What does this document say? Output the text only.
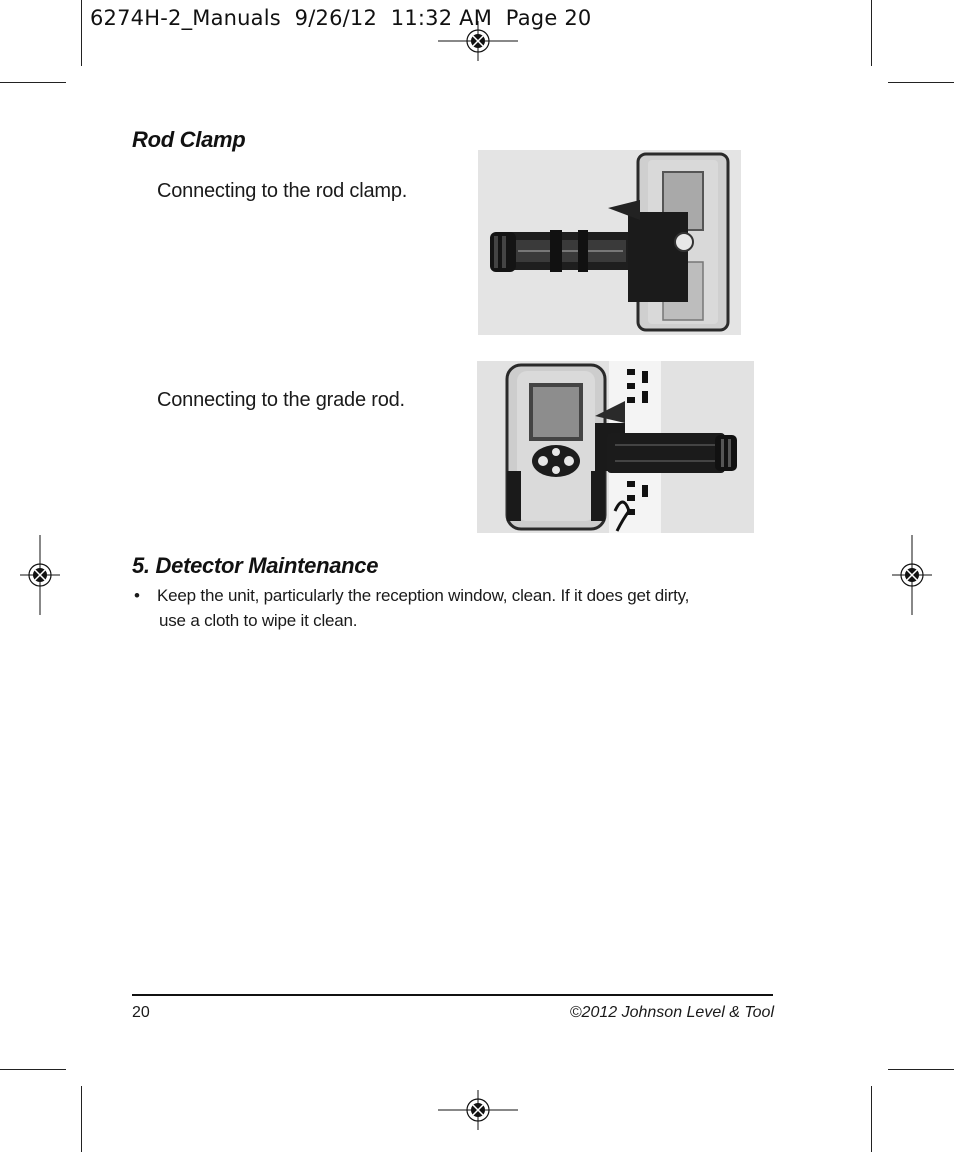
6274H-2_Manuals  9/26/12  11:32 AM  Page 20
Rod Clamp
Connecting to the rod clamp.
Connecting to the grade rod.
5. Detector Maintenance
• Keep the unit, particularly the reception window, clean. If it does get dirty,
use a cloth to wipe it clean.
20	©2012 Johnson Level & Tool
